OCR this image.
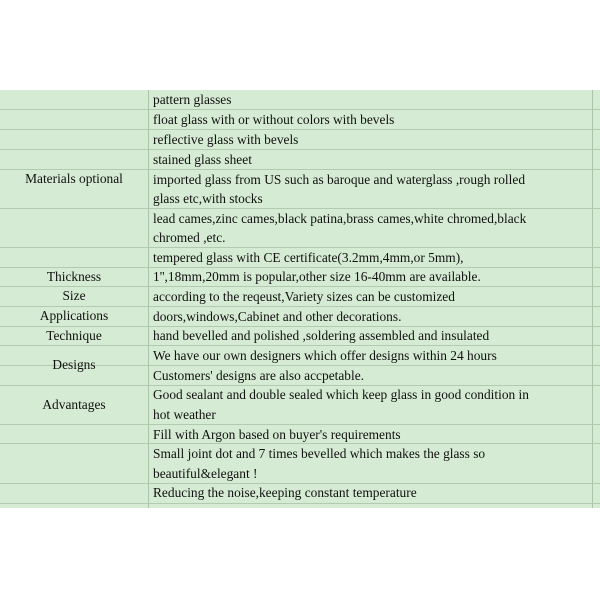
Materials optional
Thickness
Size
Applications
Technique
Designs
Advantages
pattern glasses
float glass with or without colors with bevels
reflective glass with bevels
stained glass sheet
imported glass from US such as baroque and waterglass ,rough rolled
glass etc,with stocks
lead cames,zinc cames,black patina,brass cames,white chromed,black
chromed ,etc.
tempered glass with CE certificate(3.2mm,4mm,or 5mm),
1'',18mm,20mm is popular,other size 16-40mm are available.
according to the reqeust,Variety sizes can be customized
doors,windows,Cabinet and other decorations.
hand bevelled and polished ,soldering assembled and insulated
We have our own designers which offer designs within 24 hours
Customers' designs are also accpetable.
Good sealant and double sealed which keep glass in good condition in
hot weather
Fill with Argon based on buyer's requirements
Small joint dot and 7 times bevelled which makes the glass so
beautiful&elegant !
Reducing the noise,keeping constant temperature
